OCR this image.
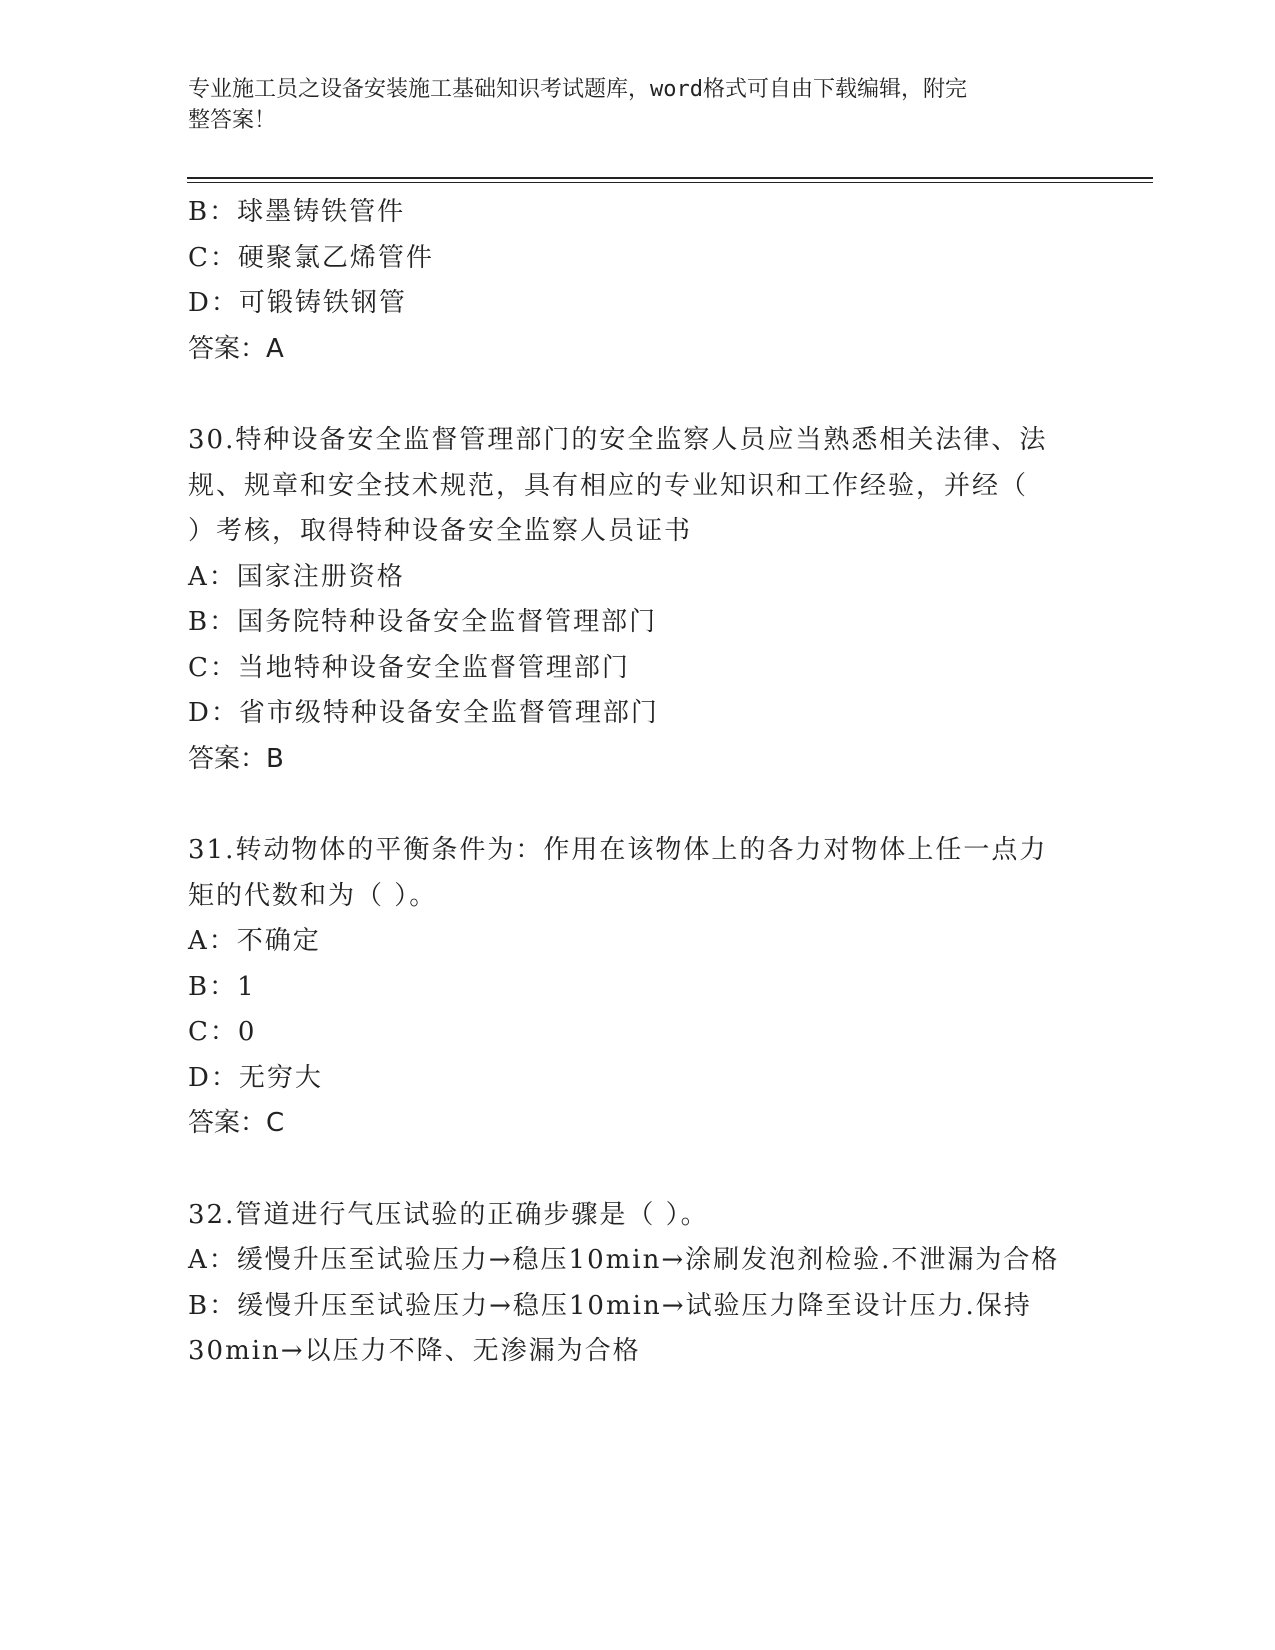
专业施工员之设备安装施工基础知识考试题库，word格式可自由下载编辑，附完
整答案！
B：球墨铸铁管件
C：硬聚氯乙烯管件
D：可锻铸铁钢管
答案：A
30.特种设备安全监督管理部门的安全监察人员应当熟悉相关法律、法
规、规章和安全技术规范，具有相应的专业知识和工作经验，并经（
）考核，取得特种设备安全监察人员证书
A：国家注册资格
B：国务院特种设备安全监督管理部门
C：当地特种设备安全监督管理部门
D：省市级特种设备安全监督管理部门
答案：B
31.转动物体的平衡条件为：作用在该物体上的各力对物体上任一点力
矩的代数和为（ ）。
A：不确定
B：1
C：0
D：无穷大
答案：C
32.管道进行气压试验的正确步骤是（ ）。
A：缓慢升压至试验压力→稳压10min→涂刷发泡剂检验.不泄漏为合格
B：缓慢升压至试验压力→稳压10min→试验压力降至设计压力.保持
30min→以压力不降、无渗漏为合格
